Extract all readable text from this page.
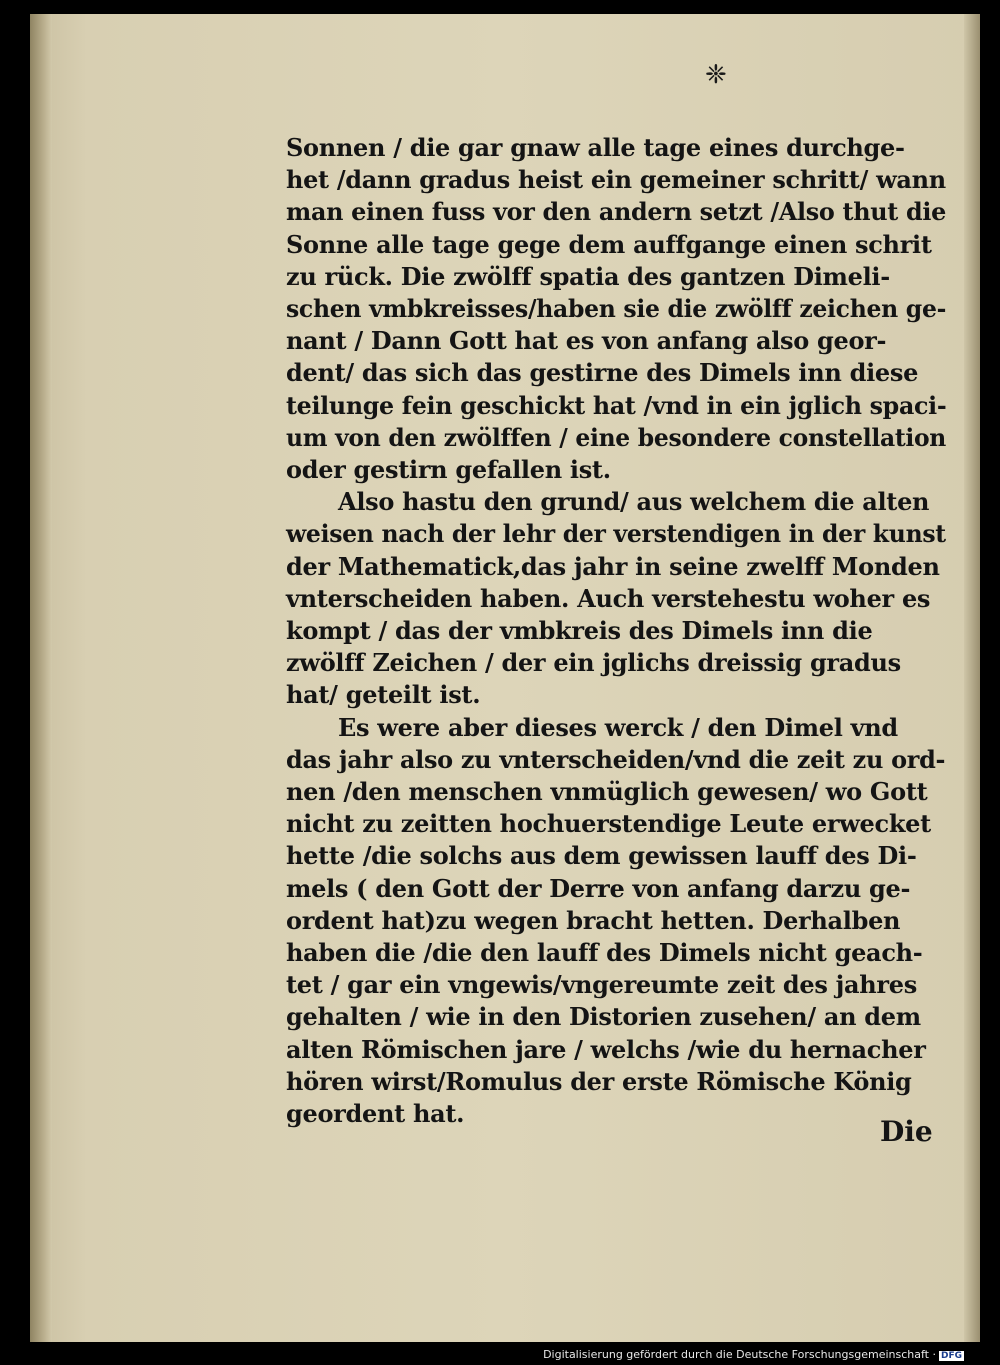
❈
Sonnen / die gar gnaw alle tage eines durchge‐
het /dann gradus heist ein gemeiner schritt/ wann
man einen fuss vor den andern setzt /Also thut die
Sonne alle tage gege dem auffgange einen schrit
zu rück. Die zwölff spatia des gantzen Dimeli‐
schen vmbkreisses/haben sie die zwölff zeichen ge‐
nant / Dann Gott hat es von anfang also geor‐
dent/ das sich das gestirne des Dimels inn diese
teilunge fein geschickt hat /vnd in ein jglich spaci‐
um von den zwölffen / eine besondere constellation
oder gestirn gefallen ist.
Also hastu den grund/ aus welchem die alten
weisen nach der lehr der verstendigen in der kunst
der Mathematick,das jahr in seine zwelff Monden
vnterscheiden haben. Auch verstehestu woher es
kompt / das der vmbkreis des Dimels inn die
zwölff Zeichen / der ein jglichs dreissig gradus
hat/ geteilt ist.
Es were aber dieses werck / den Dimel vnd
das jahr also zu vnterscheiden/vnd die zeit zu ord‐
nen /den menschen vnmüglich gewesen/ wo Gott
nicht zu zeitten hochuerstendige Leute erwecket
hette /die solchs aus dem gewissen lauff des Di‐
mels ( den Gott der Derre von anfang darzu ge‐
ordent hat)zu wegen bracht hetten. Derhalben
haben die /die den lauff des Dimels nicht geach‐
tet / gar ein vngewis/vngereumte zeit des jahres
gehalten / wie in den Distorien zusehen/ an dem
alten Römischen jare / welchs /wie du hernacher
hören wirst/Romulus der erste Römische König
geordent hat.
Die
Digitalisierung gefördert durch die Deutsche Forschungsgemeinschaft · DFG
